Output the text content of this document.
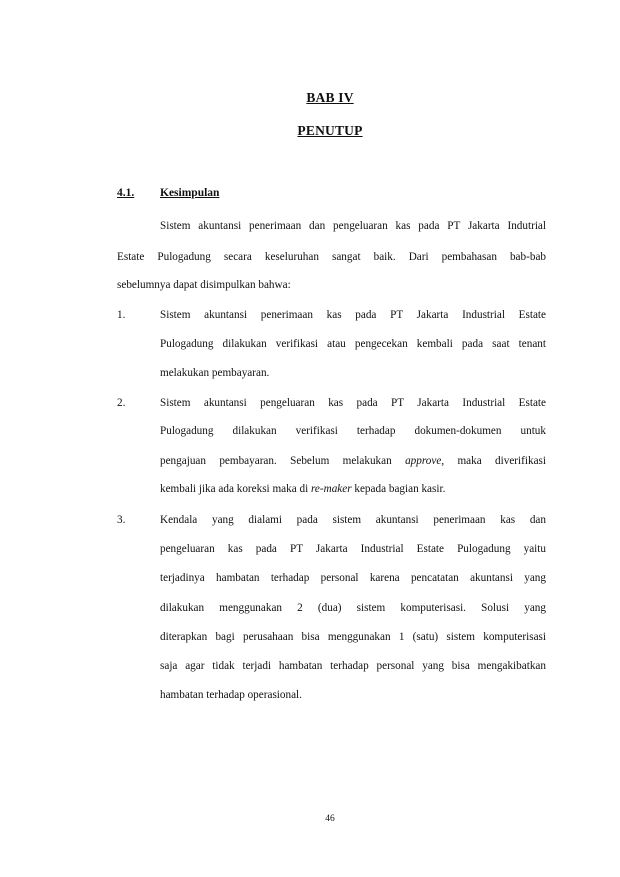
BAB IV
PENUTUP
4.1. Kesimpulan
Sistem akuntansi penerimaan dan pengeluaran kas pada PT Jakarta Indutrial
Estate Pulogadung secara keseluruhan sangat baik. Dari pembahasan bab-bab
sebelumnya dapat disimpulkan bahwa:
1.	Sistem akuntansi penerimaan kas pada PT Jakarta Industrial Estate
Pulogadung dilakukan verifikasi atau pengecekan kembali pada saat tenant
melakukan pembayaran.
2.	Sistem akuntansi pengeluaran kas pada PT Jakarta Industrial Estate
Pulogadung dilakukan verifikasi terhadap dokumen-dokumen untuk
pengajuan pembayaran. Sebelum melakukan approve, maka diverifikasi
kembali jika ada koreksi maka di re-maker kepada bagian kasir.
3.	Kendala yang dialami pada sistem akuntansi penerimaan kas dan
pengeluaran kas pada PT Jakarta Industrial Estate Pulogadung yaitu
terjadinya hambatan terhadap personal karena pencatatan akuntansi yang
dilakukan menggunakan 2 (dua) sistem komputerisasi. Solusi yang
diterapkan bagi perusahaan bisa menggunakan 1 (satu) sistem komputerisasi
saja agar tidak terjadi hambatan terhadap personal yang bisa mengakibatkan
hambatan terhadap operasional.
46
